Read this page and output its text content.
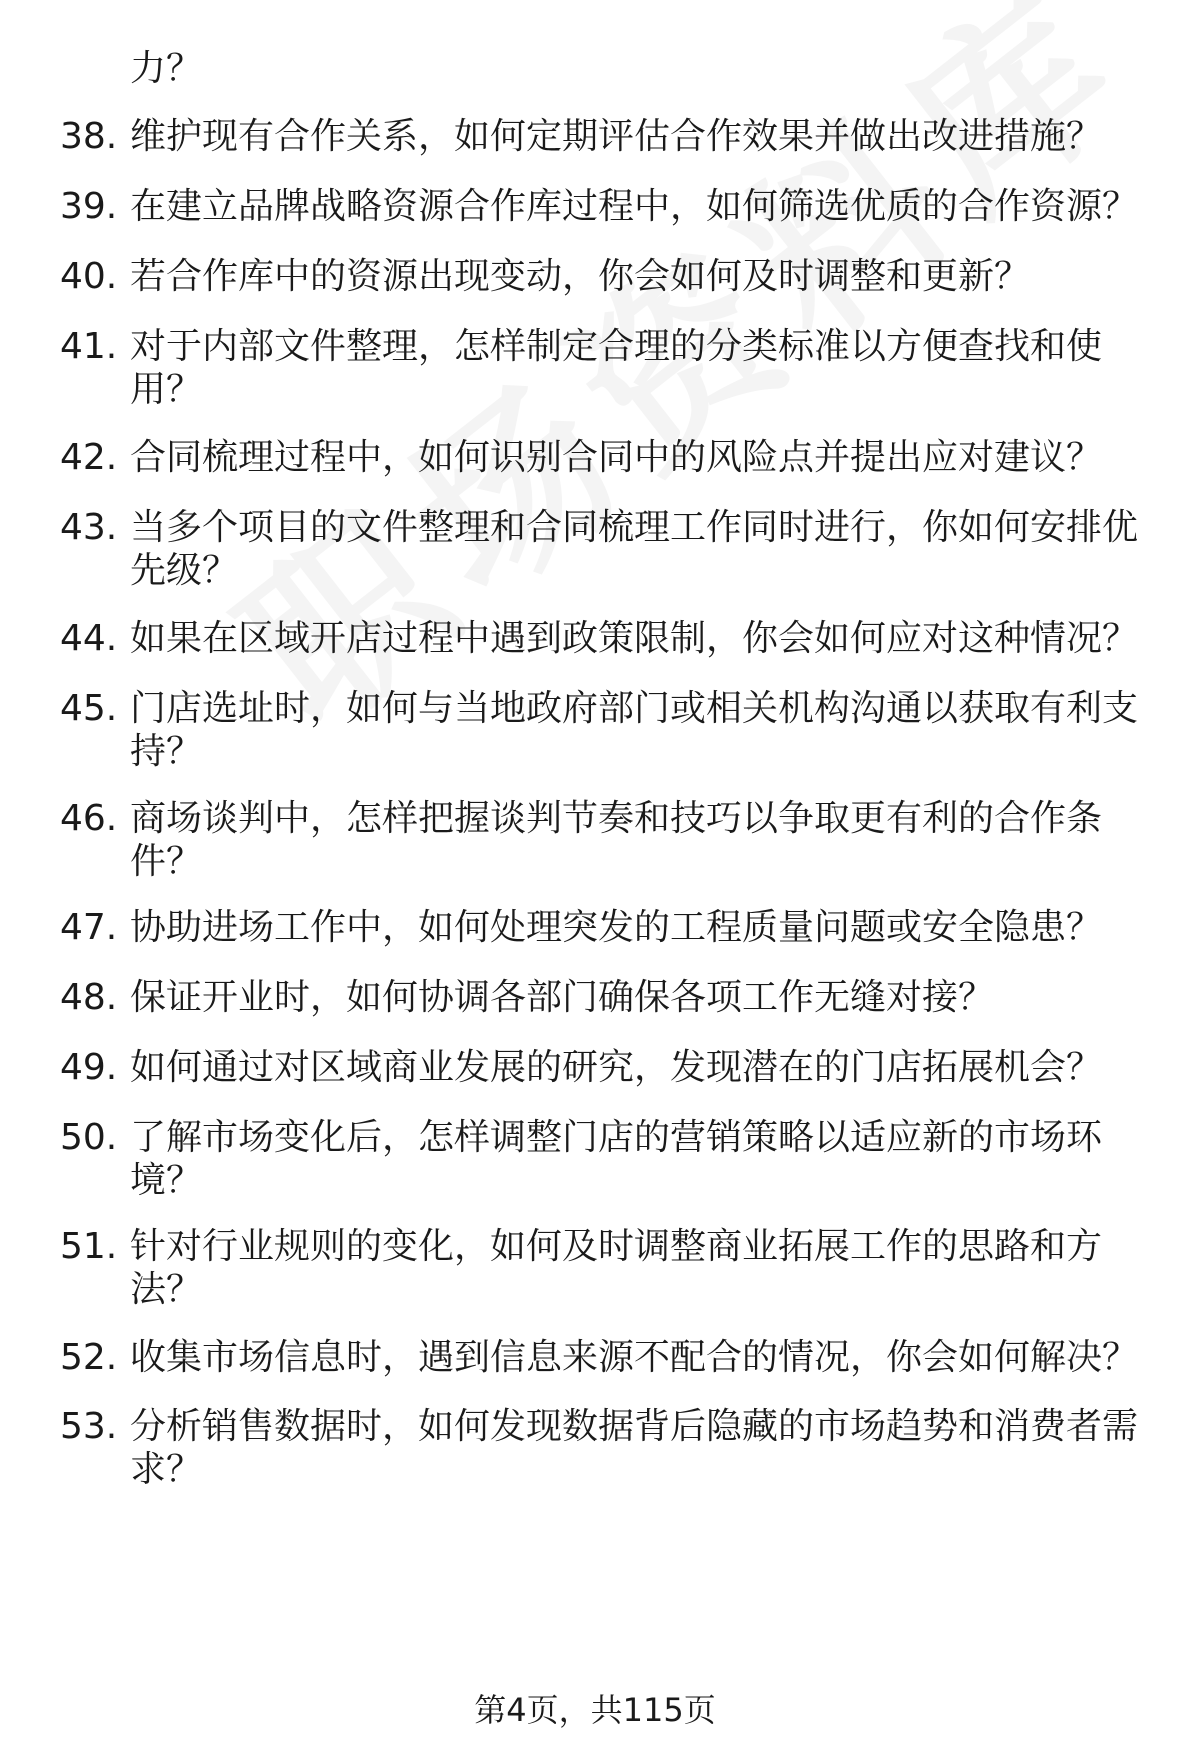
力？
38. 维护现有合作关系，如何定期评估合作效果并做出改进措施？
39. 在建立品牌战略资源合作库过程中，如何筛选优质的合作资源？
40. 若合作库中的资源出现变动，你会如何及时调整和更新？
41. 对于内部文件整理，怎样制定合理的分类标准以方便查找和使用？
42. 合同梳理过程中，如何识别合同中的风险点并提出应对建议？
43. 当多个项目的文件整理和合同梳理工作同时进行，你如何安排优先级？
44. 如果在区域开店过程中遇到政策限制，你会如何应对这种情况？
45. 门店选址时，如何与当地政府部门或相关机构沟通以获取有利支持？
46. 商场谈判中，怎样把握谈判节奏和技巧以争取更有利的合作条件？
47. 协助进场工作中，如何处理突发的工程质量问题或安全隐患？
48. 保证开业时，如何协调各部门确保各项工作无缝对接？
49. 如何通过对区域商业发展的研究，发现潜在的门店拓展机会？
50. 了解市场变化后，怎样调整门店的营销策略以适应新的市场环境？
51. 针对行业规则的变化，如何及时调整商业拓展工作的思路和方法？
52. 收集市场信息时，遇到信息来源不配合的情况，你会如何解决？
53. 分析销售数据时，如何发现数据背后隐藏的市场趋势和消费者需求？
第4页，共115页
